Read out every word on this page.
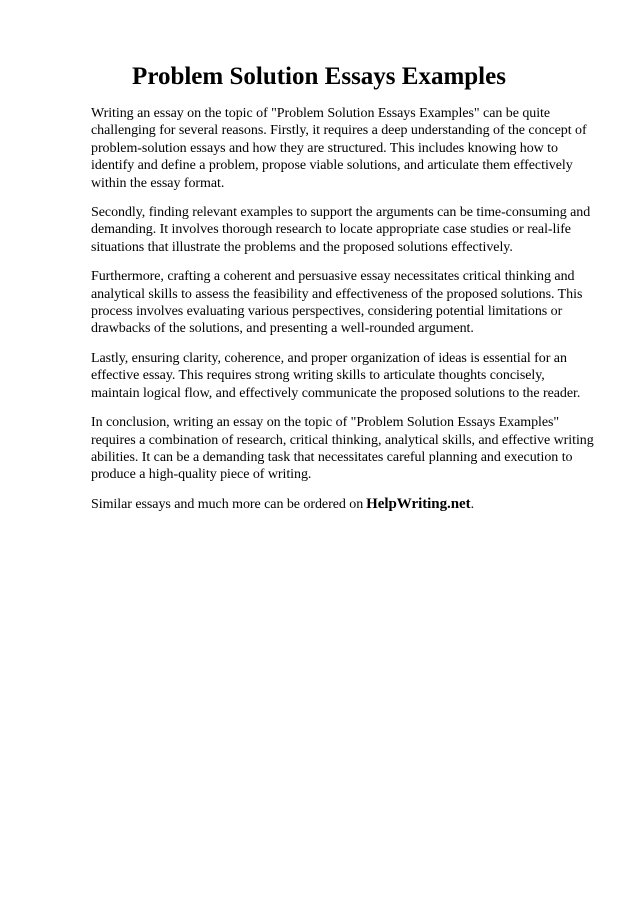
Problem Solution Essays Examples

Writing an essay on the topic of "Problem Solution Essays Examples" can be quite challenging for several reasons. Firstly, it requires a deep understanding of the concept of problem-solution essays and how they are structured. This includes knowing how to identify and define a problem, propose viable solutions, and articulate them effectively within the essay format.

Secondly, finding relevant examples to support the arguments can be time-consuming and demanding. It involves thorough research to locate appropriate case studies or real-life situations that illustrate the problems and the proposed solutions effectively.

Furthermore, crafting a coherent and persuasive essay necessitates critical thinking and analytical skills to assess the feasibility and effectiveness of the proposed solutions. This process involves evaluating various perspectives, considering potential limitations or drawbacks of the solutions, and presenting a well-rounded argument.

Lastly, ensuring clarity, coherence, and proper organization of ideas is essential for an effective essay. This requires strong writing skills to articulate thoughts concisely, maintain logical flow, and effectively communicate the proposed solutions to the reader.

In conclusion, writing an essay on the topic of "Problem Solution Essays Examples" requires a combination of research, critical thinking, analytical skills, and effective writing abilities. It can be a demanding task that necessitates careful planning and execution to produce a high-quality piece of writing.

Similar essays and much more can be ordered on HelpWriting.net.
